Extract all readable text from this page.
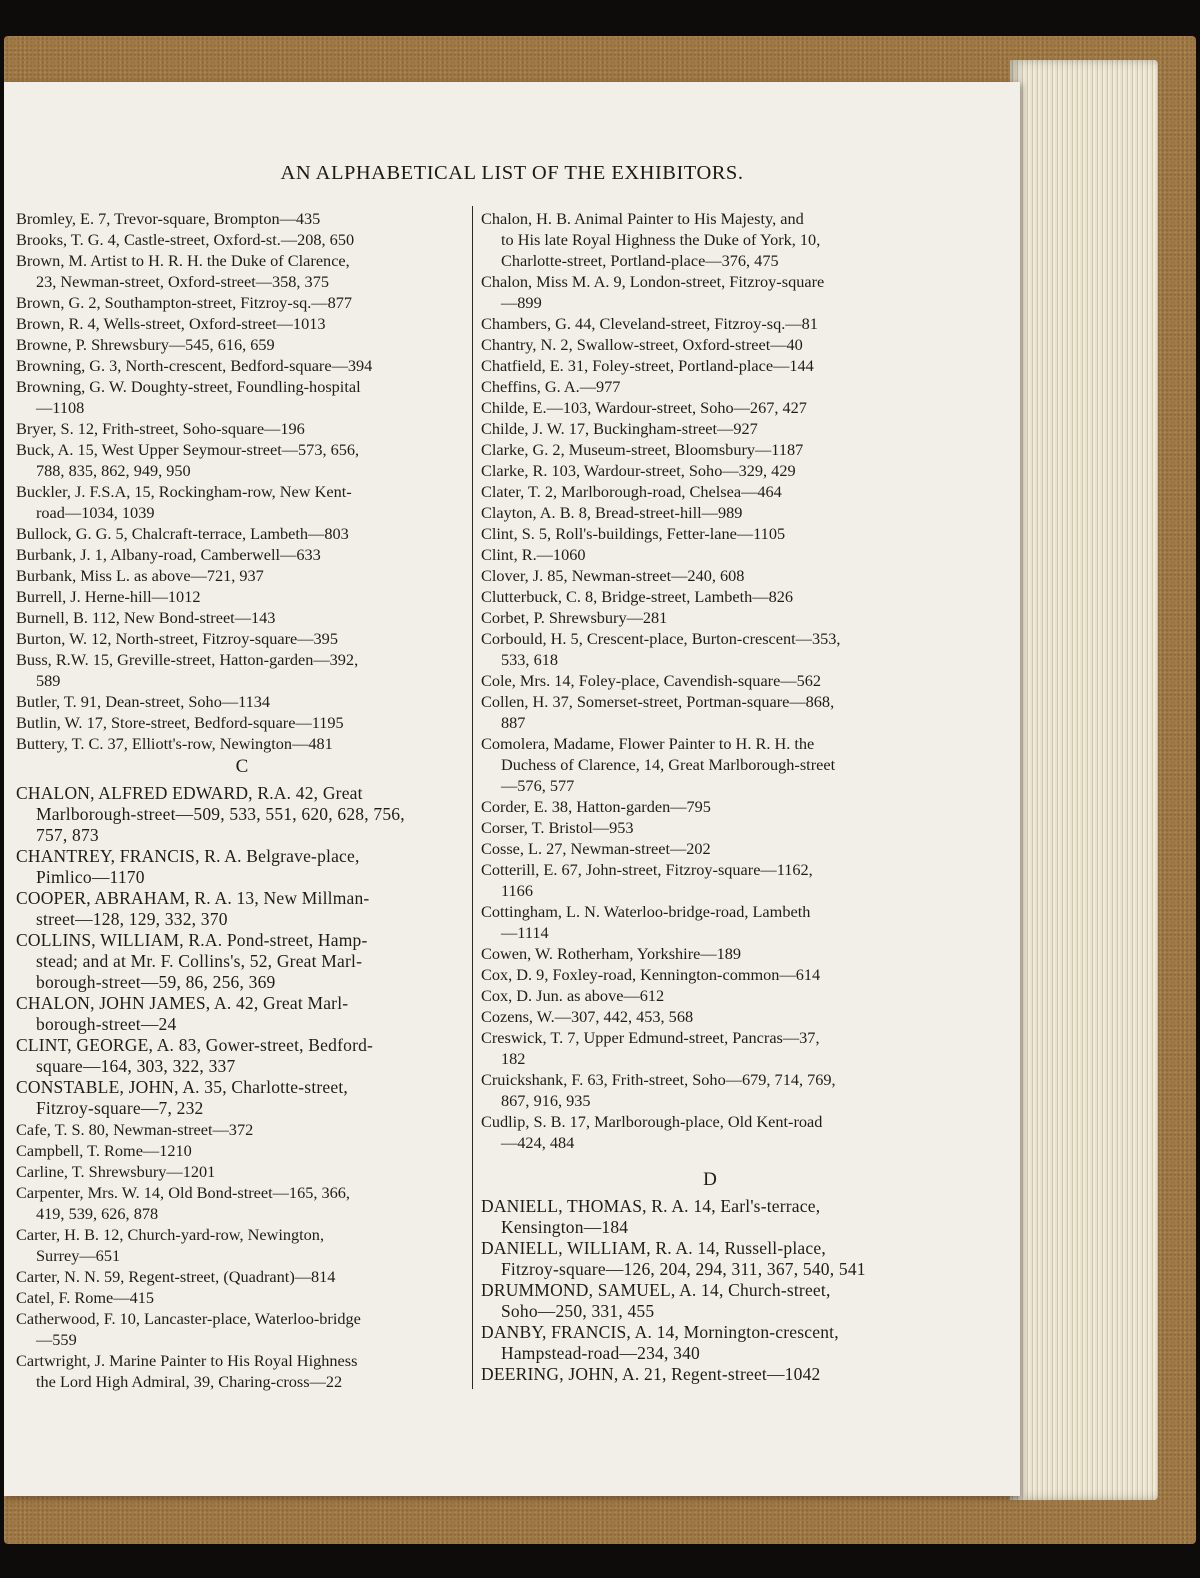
AN ALPHABETICAL LIST OF THE EXHIBITORS.
Bromley, E. 7, Trevor-square, Brompton—435
Brooks, T. G. 4, Castle-street, Oxford-st.—208, 650
Brown, M. Artist to H. R. H. the Duke of Clarence,

23, Newman-street, Oxford-street—358, 375
Brown, G. 2, Southampton-street, Fitzroy-sq.—877
Brown, R. 4, Wells-street, Oxford-street—1013
Browne, P. Shrewsbury—545, 616, 659
Browning, G. 3, North-crescent, Bedford-square—394
Browning, G. W. Doughty-street, Foundling-hospital

—1108
Bryer, S. 12, Frith-street, Soho-square—196
Buck, A. 15, West Upper Seymour-street—573, 656,

788, 835, 862, 949, 950
Buckler, J. F.S.A, 15, Rockingham-row, New Kent-

road—1034, 1039
Bullock, G. G. 5, Chalcraft-terrace, Lambeth—803
Burbank, J. 1, Albany-road, Camberwell—633
Burbank, Miss L. as above—721, 937
Burrell, J. Herne-hill—1012
Burnell, B. 112, New Bond-street—143
Burton, W. 12, North-street, Fitzroy-square—395
Buss, R.W. 15, Greville-street, Hatton-garden—392,

589
Butler, T. 91, Dean-street, Soho—1134
Butlin, W. 17, Store-street, Bedford-square—1195
Buttery, T. C. 37, Elliott's-row, Newington—481
C
CHALON, ALFRED EDWARD, R.A. 42, Great

Marlborough-street—509, 533, 551, 620, 628, 756,
757, 873
CHANTREY, FRANCIS, R. A. Belgrave-place,

Pimlico—1170
COOPER, ABRAHAM, R. A. 13, New Millman-

street—128, 129, 332, 370
COLLINS, WILLIAM, R.A. Pond-street, Hamp-

stead; and at Mr. F. Collins's, 52, Great Marl-
borough-street—59, 86, 256, 369
CHALON, JOHN JAMES, A. 42, Great Marl-

borough-street—24
CLINT, GEORGE, A. 83, Gower-street, Bedford-

square—164, 303, 322, 337
CONSTABLE, JOHN, A. 35, Charlotte-street,

Fitzroy-square—7, 232
Cafe, T. S. 80, Newman-street—372
Campbell, T. Rome—1210
Carline, T. Shrewsbury—1201
Carpenter, Mrs. W. 14, Old Bond-street—165, 366,

419, 539, 626, 878
Carter, H. B. 12, Church-yard-row, Newington,

Surrey—651
Carter, N. N. 59, Regent-street, (Quadrant)—814
Catel, F. Rome—415
Catherwood, F. 10, Lancaster-place, Waterloo-bridge

—559
Cartwright, J. Marine Painter to His Royal Highness

the Lord High Admiral, 39, Charing-cross—22
Chalon, H. B. Animal Painter to His Majesty, and

to His late Royal Highness the Duke of York, 10,
Charlotte-street, Portland-place—376, 475
Chalon, Miss M. A. 9, London-street, Fitzroy-square

—899
Chambers, G. 44, Cleveland-street, Fitzroy-sq.—81
Chantry, N. 2, Swallow-street, Oxford-street—40
Chatfield, E. 31, Foley-street, Portland-place—144
Cheffins, G. A.—977
Childe, E.—103, Wardour-street, Soho—267, 427
Childe, J. W. 17, Buckingham-street—927
Clarke, G. 2, Museum-street, Bloomsbury—1187
Clarke, R. 103, Wardour-street, Soho—329, 429
Clater, T. 2, Marlborough-road, Chelsea—464
Clayton, A. B. 8, Bread-street-hill—989
Clint, S. 5, Roll's-buildings, Fetter-lane—1105
Clint, R.—1060
Clover, J. 85, Newman-street—240, 608
Clutterbuck, C. 8, Bridge-street, Lambeth—826
Corbet, P. Shrewsbury—281
Corbould, H. 5, Crescent-place, Burton-crescent—353,

533, 618
Cole, Mrs. 14, Foley-place, Cavendish-square—562
Collen, H. 37, Somerset-street, Portman-square—868,

887
Comolera, Madame, Flower Painter to H. R. H. the

Duchess of Clarence, 14, Great Marlborough-street
—576, 577
Corder, E. 38, Hatton-garden—795
Corser, T. Bristol—953
Cosse, L. 27, Newman-street—202
Cotterill, E. 67, John-street, Fitzroy-square—1162,

1166
Cottingham, L. N. Waterloo-bridge-road, Lambeth

—1114
Cowen, W. Rotherham, Yorkshire—189
Cox, D. 9, Foxley-road, Kennington-common—614
Cox, D. Jun. as above—612
Cozens, W.—307, 442, 453, 568
Creswick, T. 7, Upper Edmund-street, Pancras—37,

182
Cruickshank, F. 63, Frith-street, Soho—679, 714, 769,

867, 916, 935
Cudlip, S. B. 17, Marlborough-place, Old Kent-road

—424, 484
D
DANIELL, THOMAS, R. A. 14, Earl's-terrace,

Kensington—184
DANIELL, WILLIAM, R. A. 14, Russell-place,

Fitzroy-square—126, 204, 294, 311, 367, 540, 541
DRUMMOND, SAMUEL, A. 14, Church-street,

Soho—250, 331, 455
DANBY, FRANCIS, A. 14, Mornington-crescent,

Hampstead-road—234, 340
DEERING, JOHN, A. 21, Regent-street—1042
